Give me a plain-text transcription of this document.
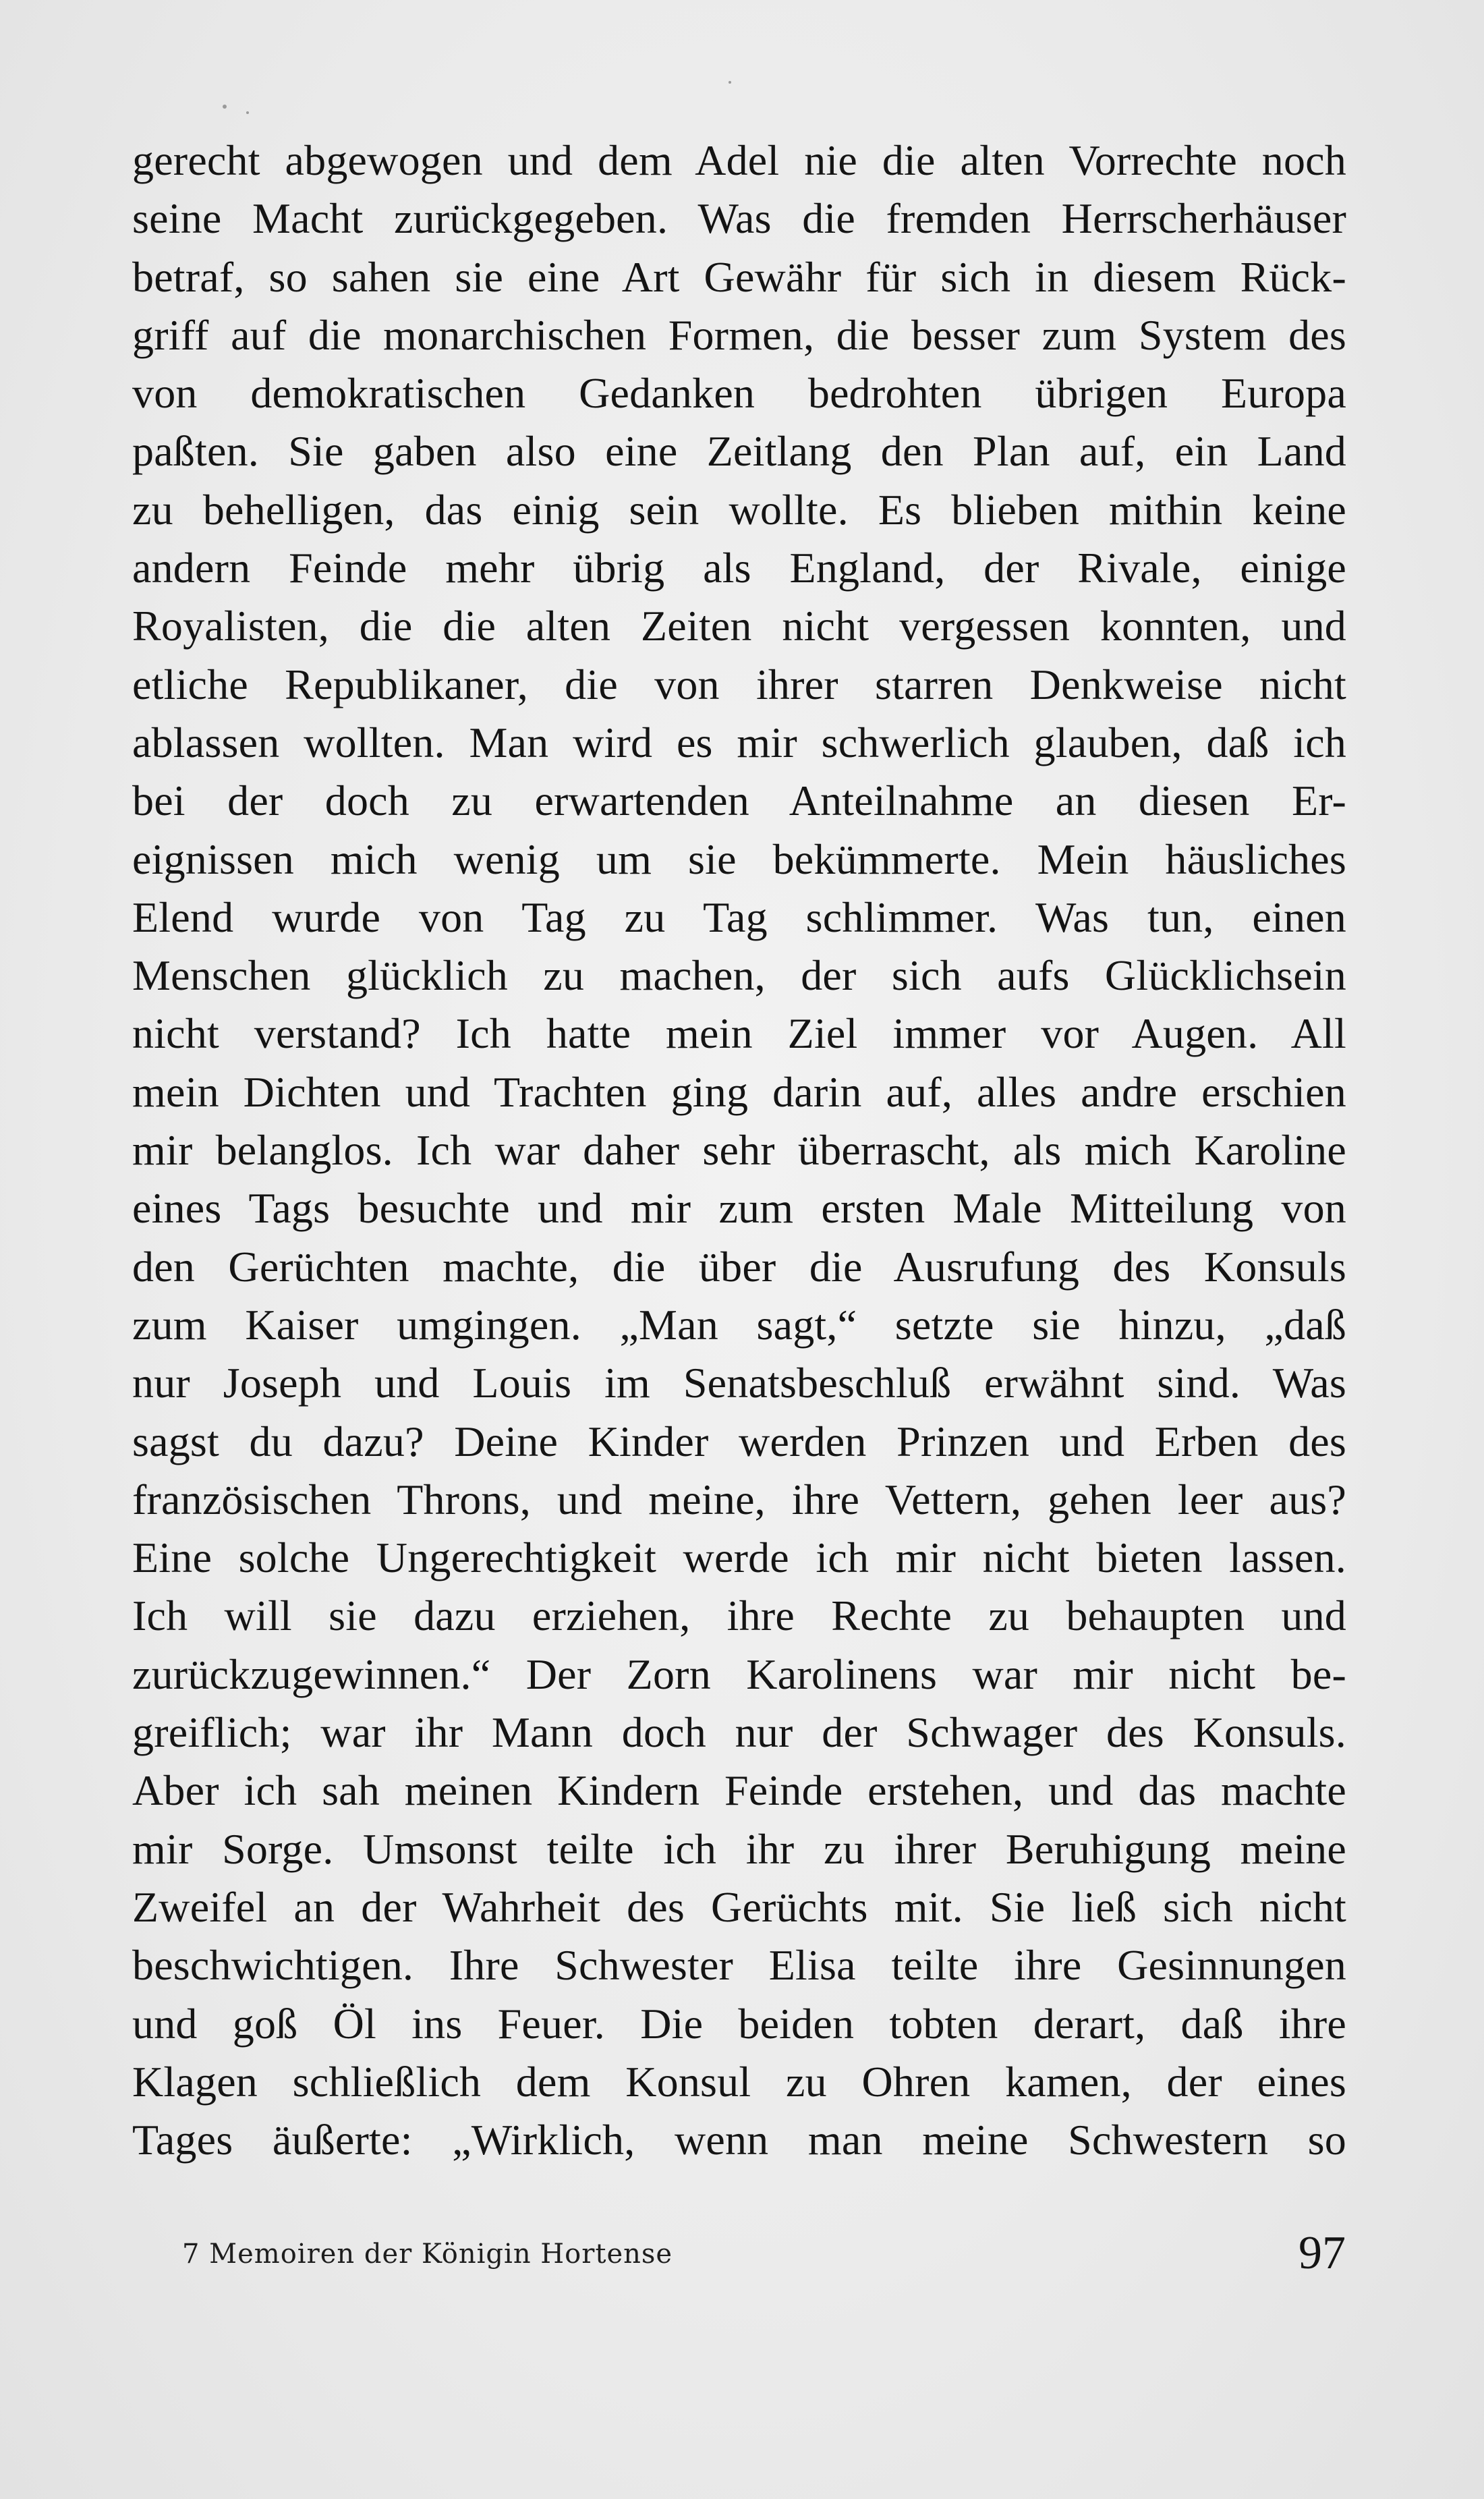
gerecht abgewogen und dem Adel nie die alten Vorrechte noch
seine Macht zurückgegeben. Was die fremden Herrscherhäuser
betraf, so sahen sie eine Art Gewähr für sich in diesem Rück-
griff auf die monarchischen Formen, die besser zum System des
von demokratischen Gedanken bedrohten übrigen Europa
paßten. Sie gaben also eine Zeitlang den Plan auf, ein Land
zu behelligen, das einig sein wollte. Es blieben mithin keine
andern Feinde mehr übrig als England, der Rivale, einige
Royalisten, die die alten Zeiten nicht vergessen konnten, und
etliche Republikaner, die von ihrer starren Denkweise nicht
ablassen wollten. Man wird es mir schwerlich glauben, daß ich
bei der doch zu erwartenden Anteilnahme an diesen Er-
eignissen mich wenig um sie bekümmerte. Mein häusliches
Elend wurde von Tag zu Tag schlimmer. Was tun, einen
Menschen glücklich zu machen, der sich aufs Glücklichsein
nicht verstand? Ich hatte mein Ziel immer vor Augen. All
mein Dichten und Trachten ging darin auf, alles andre erschien
mir belanglos. Ich war daher sehr überrascht, als mich Karoline
eines Tags besuchte und mir zum ersten Male Mitteilung von
den Gerüchten machte, die über die Ausrufung des Konsuls
zum Kaiser umgingen. „Man sagt,“ setzte sie hinzu, „daß
nur Joseph und Louis im Senatsbeschluß erwähnt sind. Was
sagst du dazu? Deine Kinder werden Prinzen und Erben des
französischen Throns, und meine, ihre Vettern, gehen leer aus?
Eine solche Ungerechtigkeit werde ich mir nicht bieten lassen.
Ich will sie dazu erziehen, ihre Rechte zu behaupten und
zurückzugewinnen.“ Der Zorn Karolinens war mir nicht be-
greiflich; war ihr Mann doch nur der Schwager des Konsuls.
Aber ich sah meinen Kindern Feinde erstehen, und das machte
mir Sorge. Umsonst teilte ich ihr zu ihrer Beruhigung meine
Zweifel an der Wahrheit des Gerüchts mit. Sie ließ sich nicht
beschwichtigen. Ihre Schwester Elisa teilte ihre Gesinnungen
und goß Öl ins Feuer. Die beiden tobten derart, daß ihre
Klagen schließlich dem Konsul zu Ohren kamen, der eines
Tages äußerte: „Wirklich, wenn man meine Schwestern so
7 Memoiren der Königin Hortense	97
